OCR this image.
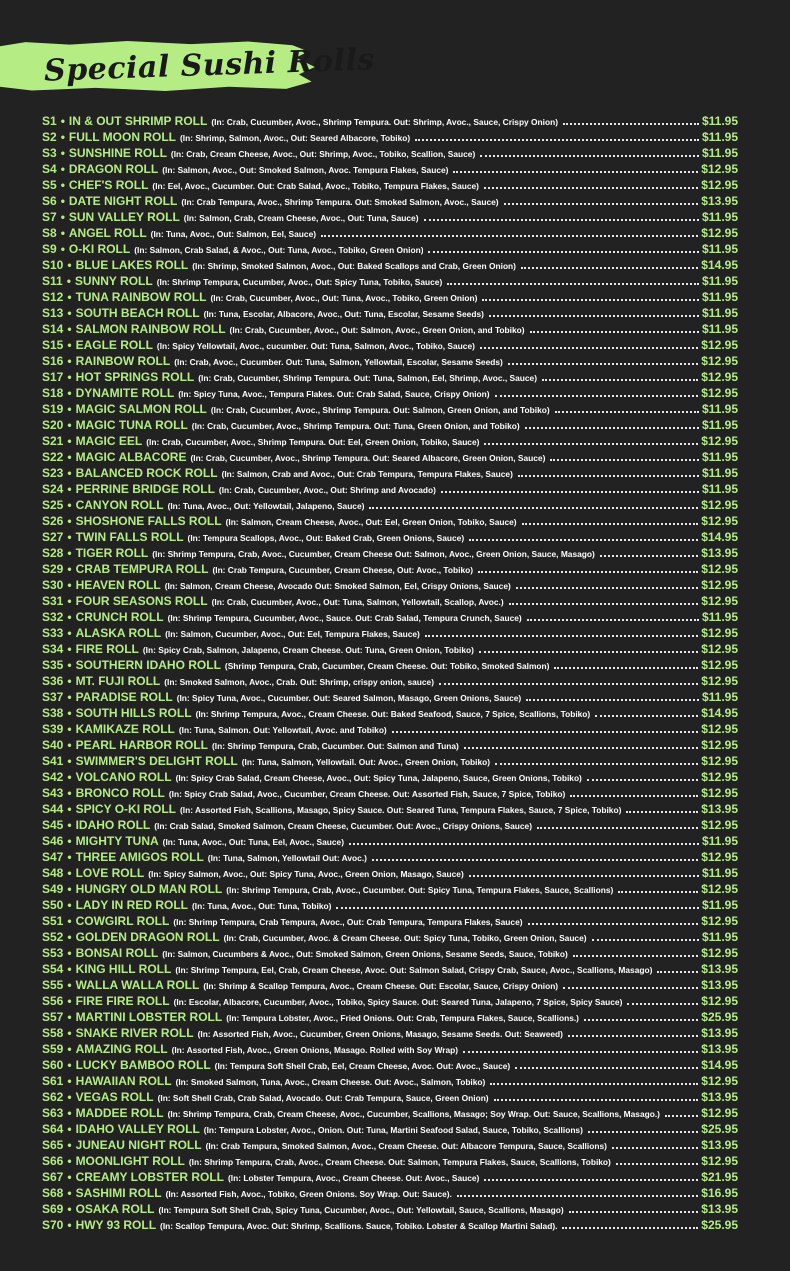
Special Sushi Rolls
S1 • IN & OUT SHRIMP ROLL (In: Crab, Cucumber, Avoc., Shrimp Tempura. Out: Shrimp, Avoc., Sauce, Crispy Onion)	$11.95
S2 • FULL MOON ROLL (In: Shrimp, Salmon, Avoc., Out: Seared Albacore, Tobiko)	$11.95
S3 • SUNSHINE ROLL (In: Crab, Cream Cheese, Avoc., Out: Shrimp, Avoc., Tobiko, Scallion, Sauce)	$11.95
S4 • DRAGON ROLL (In: Salmon, Avoc., Out: Smoked Salmon, Avoc. Tempura Flakes, Sauce)	$12.95
S5 • CHEF'S ROLL (In: Eel, Avoc., Cucumber. Out: Crab Salad, Avoc., Tobiko, Tempura Flakes, Sauce)	$12.95
S6 • DATE NIGHT ROLL (In: Crab Tempura, Avoc., Shrimp Tempura. Out: Smoked Salmon, Avoc., Sauce)	$13.95
S7 • SUN VALLEY ROLL (In: Salmon, Crab, Cream Cheese, Avoc., Out: Tuna, Sauce)	$11.95
S8 • ANGEL ROLL (In: Tuna, Avoc., Out: Salmon, Eel, Sauce)	$12.95
S9 • O-KI ROLL (In: Salmon, Crab Salad, & Avoc., Out: Tuna, Avoc., Tobiko, Green Onion)	$11.95
S10 • BLUE LAKES ROLL (In: Shrimp, Smoked Salmon, Avoc., Out: Baked Scallops and Crab, Green Onion)	$14.95
S11 • SUNNY ROLL (In: Shrimp Tempura, Cucumber, Avoc., Out: Spicy Tuna, Tobiko, Sauce)	$11.95
S12 • TUNA RAINBOW ROLL (In: Crab, Cucumber, Avoc., Out: Tuna, Avoc., Tobiko, Green Onion)	$11.95
S13 • SOUTH BEACH ROLL (In: Tuna, Escolar, Albacore, Avoc., Out: Tuna, Escolar, Sesame Seeds)	$11.95
S14 • SALMON RAINBOW ROLL (In: Crab, Cucumber, Avoc., Out: Salmon, Avoc., Green Onion, and Tobiko)	$11.95
S15 • EAGLE ROLL (In: Spicy Yellowtail, Avoc., cucumber. Out: Tuna, Salmon, Avoc., Tobiko, Sauce)	$12.95
S16 • RAINBOW ROLL (In: Crab, Avoc., Cucumber. Out: Tuna, Salmon, Yellowtail, Escolar, Sesame Seeds)	$12.95
S17 • HOT SPRINGS ROLL (In: Crab, Cucumber, Shrimp Tempura. Out: Tuna, Salmon, Eel, Shrimp, Avoc., Sauce)	$12.95
S18 • DYNAMITE ROLL (In: Spicy Tuna, Avoc., Tempura Flakes. Out: Crab Salad, Sauce, Crispy Onion)	$12.95
S19 • MAGIC SALMON ROLL (In: Crab, Cucumber, Avoc., Shrimp Tempura. Out: Salmon, Green Onion, and Tobiko)	$11.95
S20 • MAGIC TUNA ROLL (In: Crab, Cucumber, Avoc., Shrimp Tempura. Out: Tuna, Green Onion, and Tobiko)	$11.95
S21 • MAGIC EEL (In: Crab, Cucumber, Avoc., Shrimp Tempura. Out: Eel, Green Onion, Tobiko, Sauce)	$12.95
S22 • MAGIC ALBACORE (In: Crab, Cucumber, Avoc., Shrimp Tempura. Out: Seared Albacore, Green Onion, Sauce)	$11.95
S23 • BALANCED ROCK ROLL (In: Salmon, Crab and Avoc., Out: Crab Tempura, Tempura Flakes, Sauce)	$11.95
S24 • PERRINE BRIDGE ROLL (In: Crab, Cucumber, Avoc., Out: Shrimp and Avocado)	$11.95
S25 • CANYON ROLL (In: Tuna, Avoc., Out: Yellowtail, Jalapeno, Sauce)	$12.95
S26 • SHOSHONE FALLS ROLL (In: Salmon, Cream Cheese, Avoc., Out: Eel, Green Onion, Tobiko, Sauce)	$12.95
S27 • TWIN FALLS ROLL (In: Tempura Scallops, Avoc., Out: Baked Crab, Green Onions, Sauce)	$14.95
S28 • TIGER ROLL (In: Shrimp Tempura, Crab, Avoc., Cucumber, Cream Cheese Out: Salmon, Avoc., Green Onion, Sauce, Masago)	$13.95
S29 • CRAB TEMPURA ROLL (In: Crab Tempura, Cucumber, Cream Cheese, Out: Avoc., Tobiko)	$12.95
S30 • HEAVEN ROLL (In: Salmon, Cream Cheese, Avocado Out: Smoked Salmon, Eel, Crispy Onions, Sauce)	$12.95
S31 • FOUR SEASONS ROLL (In: Crab, Cucumber, Avoc., Out: Tuna, Salmon, Yellowtail, Scallop, Avoc.)	$12.95
S32 • CRUNCH ROLL (In: Shrimp Tempura, Cucumber, Avoc., Sauce. Out: Crab Salad, Tempura Crunch, Sauce)	$11.95
S33 • ALASKA ROLL (In: Salmon, Cucumber, Avoc., Out: Eel, Tempura Flakes, Sauce)	$12.95
S34 • FIRE ROLL (In: Spicy Crab, Salmon, Jalapeno, Cream Cheese. Out: Tuna, Green Onion, Tobiko)	$12.95
S35 • SOUTHERN IDAHO ROLL (Shrimp Tempura, Crab, Cucumber, Cream Cheese. Out: Tobiko, Smoked Salmon)	$12.95
S36 • MT. FUJI ROLL (In: Smoked Salmon, Avoc., Crab. Out: Shrimp, crispy onion, sauce)	$12.95
S37 • PARADISE ROLL (In: Spicy Tuna, Avoc., Cucumber. Out: Seared Salmon, Masago, Green Onions, Sauce)	$11.95
S38 • SOUTH HILLS ROLL (In: Shrimp Tempura, Avoc., Cream Cheese. Out: Baked Seafood, Sauce, 7 Spice, Scallions, Tobiko)	$14.95
S39 • KAMIKAZE ROLL (In: Tuna, Salmon. Out: Yellowtail, Avoc. and Tobiko)	$12.95
S40 • PEARL HARBOR ROLL (In: Shrimp Tempura, Crab, Cucumber. Out: Salmon and Tuna)	$12.95
S41 • SWIMMER'S DELIGHT ROLL (In: Tuna, Salmon, Yellowtail. Out: Avoc., Green Onion, Tobiko)	$12.95
S42 • VOLCANO ROLL (In: Spicy Crab Salad, Cream Cheese, Avoc., Out: Spicy Tuna, Jalapeno, Sauce, Green Onions, Tobiko)	$12.95
S43 • BRONCO ROLL (In: Spicy Crab Salad, Avoc., Cucumber, Cream Cheese. Out: Assorted Fish, Sauce, 7 Spice, Tobiko)	$12.95
S44 • SPICY O-KI ROLL (In: Assorted Fish, Scallions, Masago, Spicy Sauce. Out: Seared Tuna, Tempura Flakes, Sauce, 7 Spice, Tobiko)	$13.95
S45 • IDAHO ROLL (In: Crab Salad, Smoked Salmon, Cream Cheese, Cucumber. Out: Avoc., Crispy Onions, Sauce)	$12.95
S46 • MIGHTY TUNA (In: Tuna, Avoc., Out: Tuna, Eel, Avoc., Sauce)	$11.95
S47 • THREE AMIGOS ROLL (In: Tuna, Salmon, Yellowtail Out: Avoc.)	$12.95
S48 • LOVE ROLL (In: Spicy Salmon, Avoc., Out: Spicy Tuna, Avoc., Green Onion, Masago, Sauce)	$11.95
S49 • HUNGRY OLD MAN ROLL (In: Shrimp Tempura, Crab, Avoc., Cucumber. Out: Spicy Tuna, Tempura Flakes, Sauce, Scallions)	$12.95
S50 • LADY IN RED ROLL (In: Tuna, Avoc., Out: Tuna, Tobiko)	$11.95
S51 • COWGIRL ROLL (In: Shrimp Tempura, Crab Tempura, Avoc., Out: Crab Tempura, Tempura Flakes, Sauce)	$12.95
S52 • GOLDEN DRAGON ROLL (In: Crab, Cucumber, Avoc. & Cream Cheese. Out: Spicy Tuna, Tobiko, Green Onion, Sauce)	$11.95
S53 • BONSAI ROLL (In: Salmon, Cucumbers & Avoc., Out: Smoked Salmon, Green Onions, Sesame Seeds, Sauce, Tobiko)	$12.95
S54 • KING HILL ROLL (In: Shrimp Tempura, Eel, Crab, Cream Cheese, Avoc. Out: Salmon Salad, Crispy Crab, Sauce, Avoc., Scallions, Masago)	$13.95
S55 • WALLA WALLA ROLL (In: Shrimp & Scallop Tempura, Avoc., Cream Cheese. Out: Escolar, Sauce, Crispy Onion)	$13.95
S56 • FIRE FIRE ROLL (In: Escolar, Albacore, Cucumber, Avoc., Tobiko, Spicy Sauce. Out: Seared Tuna, Jalapeno, 7 Spice, Spicy Sauce)	$12.95
S57 • MARTINI LOBSTER ROLL (In: Tempura Lobster, Avoc., Fried Onions. Out: Crab, Tempura Flakes, Sauce, Scallions.)	$25.95
S58 • SNAKE RIVER ROLL (In: Assorted Fish, Avoc., Cucumber, Green Onions, Masago, Sesame Seeds. Out: Seaweed)	$13.95
S59 • AMAZING ROLL (In: Assorted Fish, Avoc., Green Onions, Masago. Rolled with Soy Wrap)	$13.95
S60 • LUCKY BAMBOO ROLL (In: Tempura Soft Shell Crab, Eel, Cream Cheese, Avoc. Out: Avoc., Sauce)	$14.95
S61 • HAWAIIAN ROLL (In: Smoked Salmon, Tuna, Avoc., Cream Cheese. Out: Avoc., Salmon, Tobiko)	$12.95
S62 • VEGAS ROLL (In: Soft Shell Crab, Crab Salad, Avocado. Out: Crab Tempura, Sauce, Green Onion)	$13.95
S63 • MADDEE ROLL (In: Shrimp Tempura, Crab, Cream Cheese, Avoc., Cucumber, Scallions, Masago; Soy Wrap. Out: Sauce, Scallions, Masago.)	$12.95
S64 • IDAHO VALLEY ROLL (In: Tempura Lobster, Avoc., Onion. Out: Tuna, Martini Seafood Salad, Sauce, Tobiko, Scallions)	$25.95
S65 • JUNEAU NIGHT ROLL (In: Crab Tempura, Smoked Salmon, Avoc., Cream Cheese. Out: Albacore Tempura, Sauce, Scallions)	$13.95
S66 • MOONLIGHT ROLL (In: Shrimp Tempura, Crab, Avoc., Cream Cheese. Out: Salmon, Tempura Flakes, Sauce, Scallions, Tobiko)	$12.95
S67 • CREAMY LOBSTER ROLL (In: Lobster Tempura, Avoc., Cream Cheese. Out: Avoc., Sauce)	$21.95
S68 • SASHIMI ROLL (In: Assorted Fish, Avoc., Tobiko, Green Onions. Soy Wrap. Out: Sauce).	$16.95
S69 • OSAKA ROLL (In: Tempura Soft Shell Crab, Spicy Tuna, Cucumber, Avoc., Out: Yellowtail, Sauce, Scallions, Masago)	$13.95
S70 • HWY 93 ROLL (In: Scallop Tempura, Avoc. Out: Shrimp, Scallions. Sauce, Tobiko. Lobster & Scallop Martini Salad).	$25.95
